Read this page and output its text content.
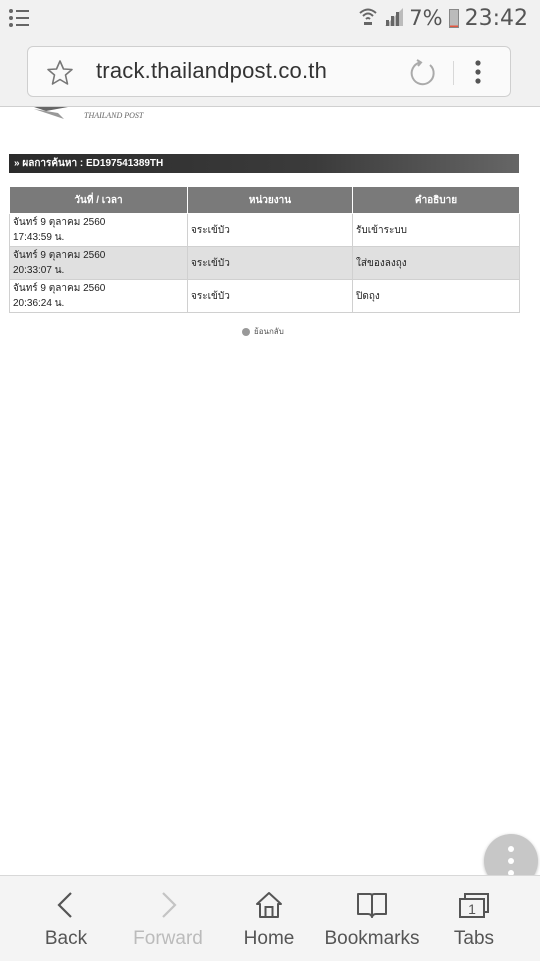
7% 23:42
track.thailandpost.co.th
THAILAND POST
» ผลการค้นหา : ED197541389TH
วันที่ / เวลา	หน่วยงาน	คำอธิบาย

จันทร์ 9 ตุลาคม 2560
17:43:59 น.	จระเข้บัว	รับเข้าระบบ

จันทร์ 9 ตุลาคม 2560
20:33:07 น.	จระเข้บัว	ใส่ของลงถุง

จันทร์ 9 ตุลาคม 2560
20:36:24 น.	จระเข้บัว	ปิดถุง
ย้อนกลับ
Back	Forward	Home	Bookmarks
1
Tabs
